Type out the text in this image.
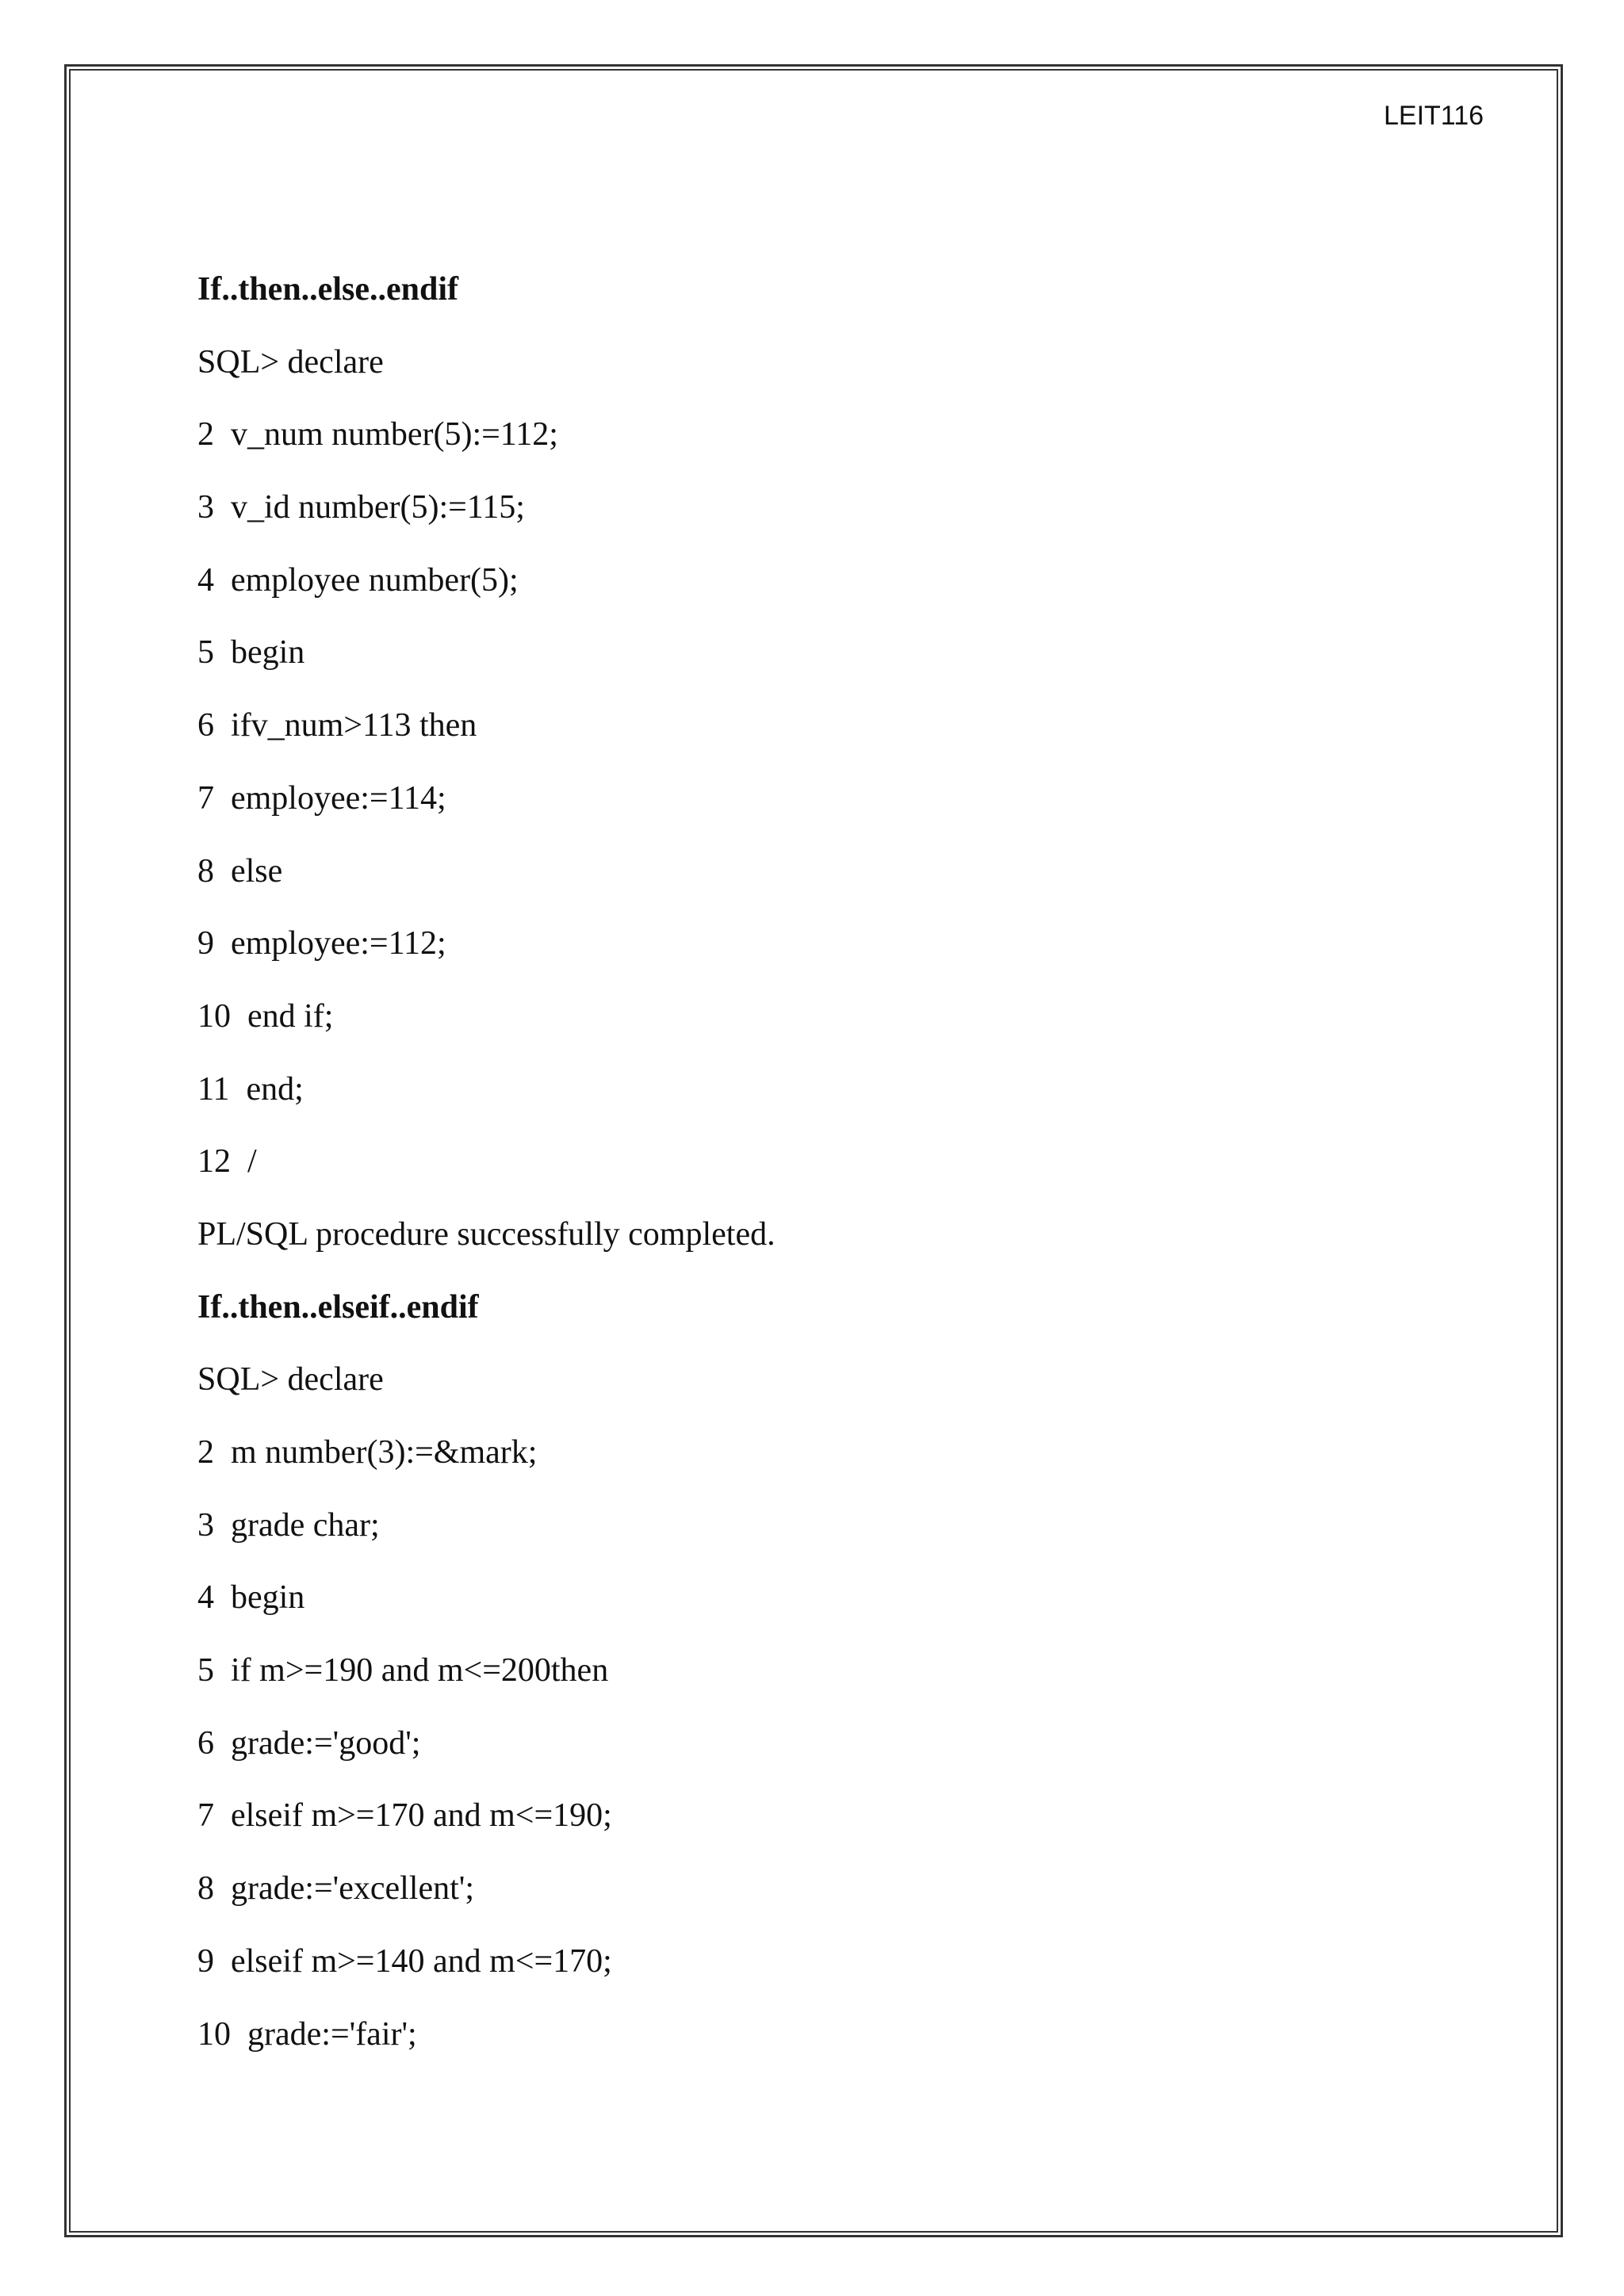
LEIT116
If..then..else..endif
SQL> declare
2  v_num number(5):=112;
3  v_id number(5):=115;
4  employee number(5);
5  begin
6  ifv_num>113 then
7  employee:=114;
8  else
9  employee:=112;
10  end if;
11  end;
12  /
PL/SQL procedure successfully completed.
If..then..elseif..endif
SQL> declare
2  m number(3):=&mark;
3  grade char;
4  begin
5  if m>=190 and m<=200then
6  grade:='good';
7  elseif m>=170 and m<=190;
8  grade:='excellent';
9  elseif m>=140 and m<=170;
10  grade:='fair';
